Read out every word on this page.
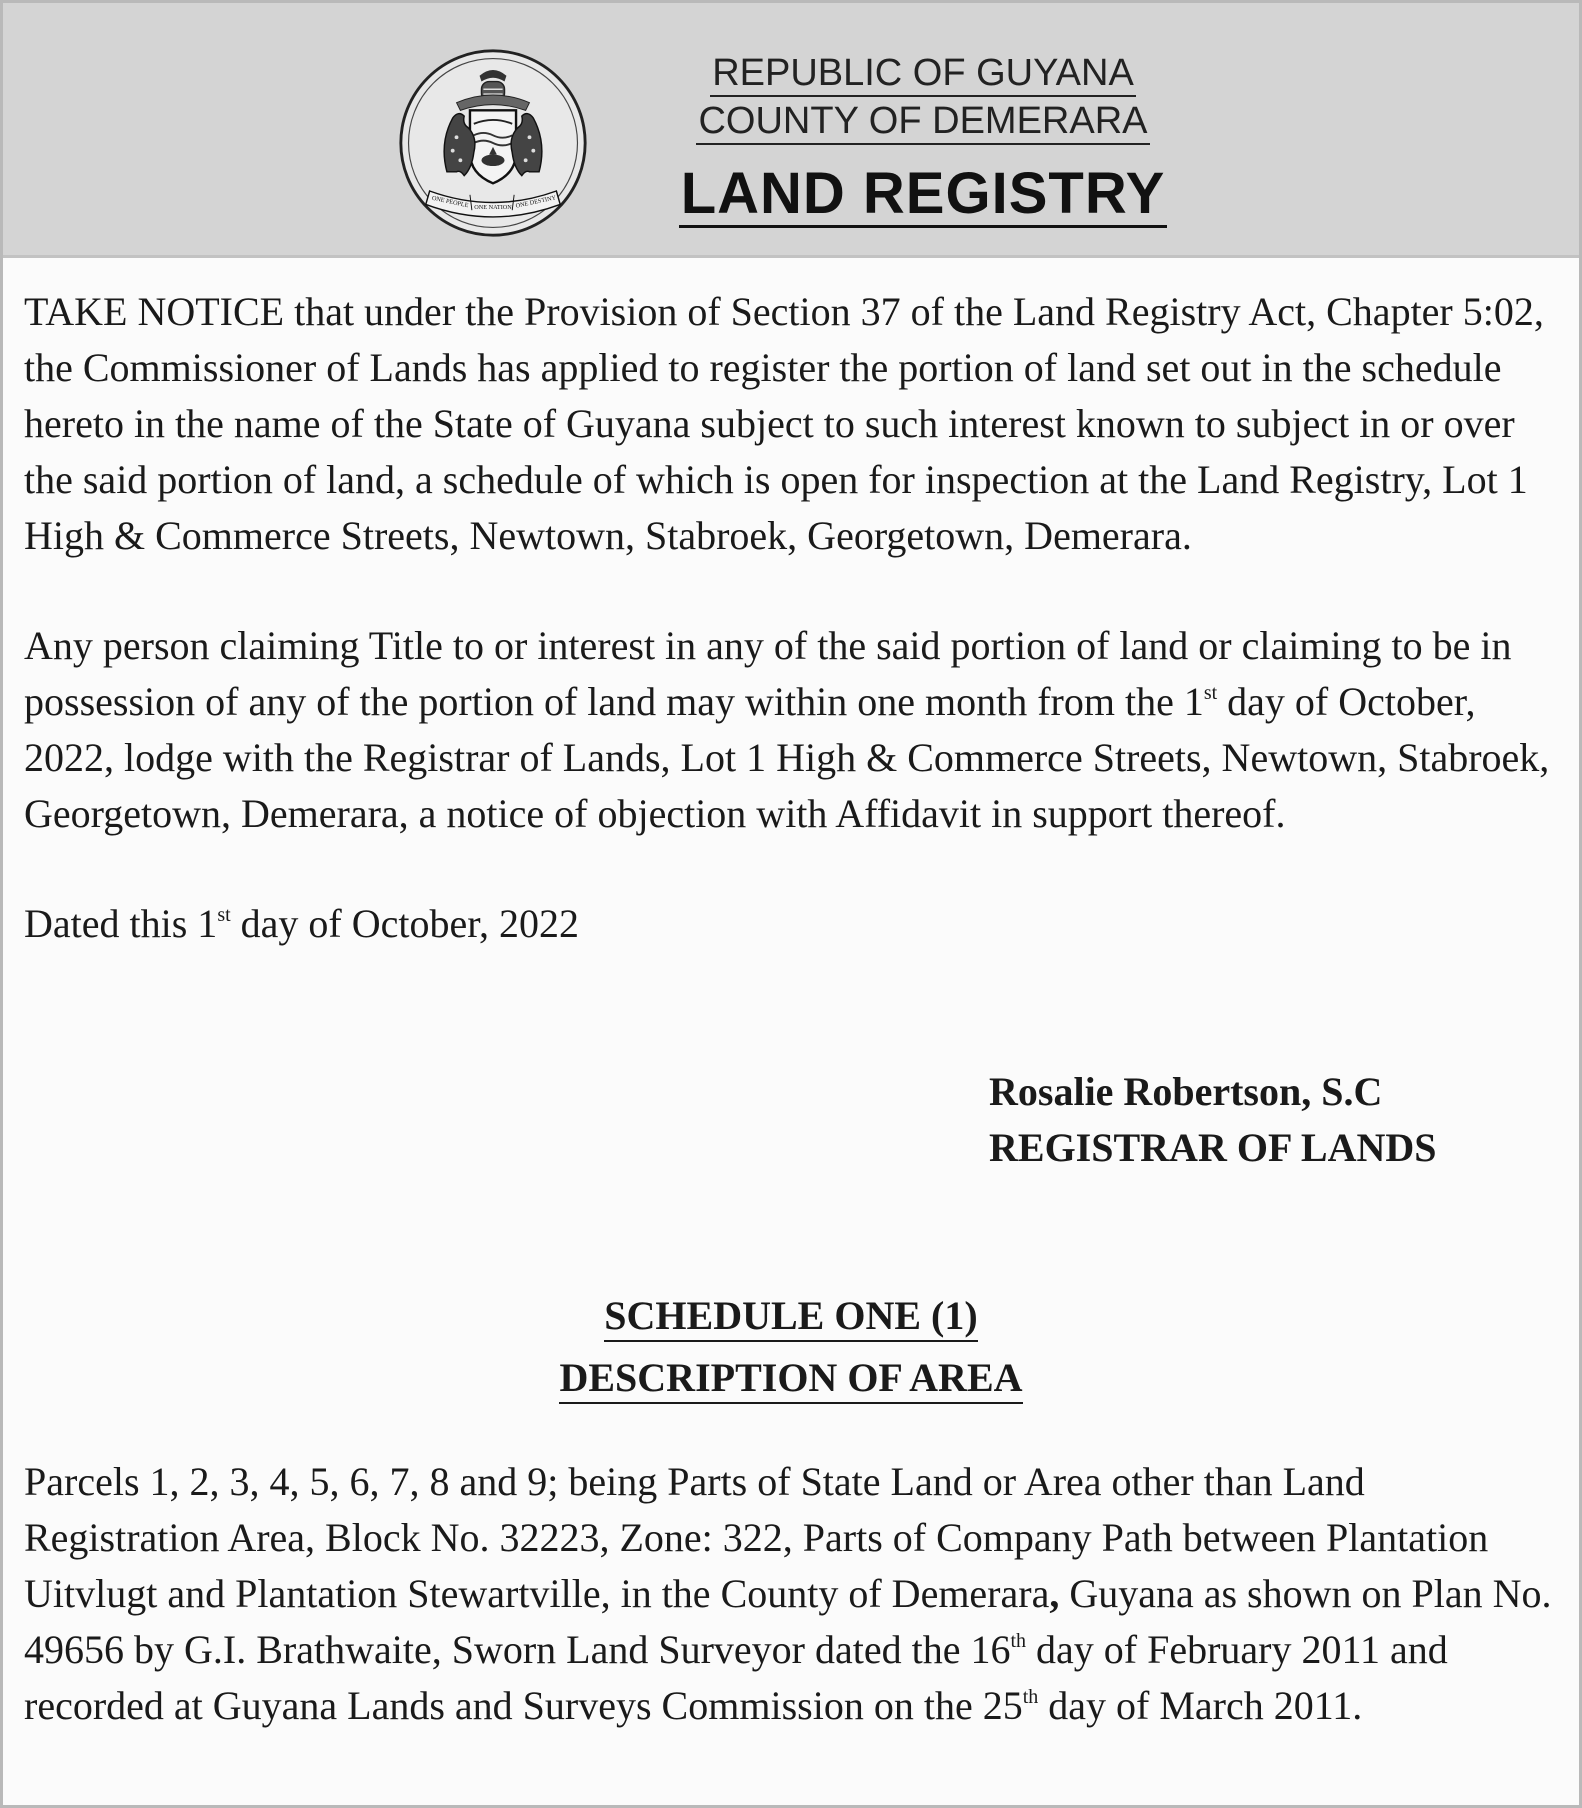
ONE PEOPLE ONE NATION ONE DESTINY
REPUBLIC OF GUYANA
COUNTY OF DEMERARA
LAND REGISTRY

TAKE NOTICE that under the Provision of Section 37 of the Land Registry Act, Chapter 5:02, the Commissioner of Lands has applied to register the portion of land set out in the schedule hereto in the name of the State of Guyana subject to such interest known to subject in or over the said portion of land, a schedule of which is open for inspection at the Land Registry, Lot 1 High & Commerce Streets, Newtown, Stabroek, Georgetown, Demerara.

Any person claiming Title to or interest in any of the said portion of land or claiming to be in possession of any of the portion of land may within one month from the 1st day of October, 2022, lodge with the Registrar of Lands, Lot 1 High & Commerce Streets, Newtown, Stabroek, Georgetown, Demerara, a notice of objection with Affidavit in support thereof.

Dated this 1st day of October, 2022

Rosalie Robertson, S.C
REGISTRAR OF LANDS
SCHEDULE ONE (1)
DESCRIPTION OF AREA

Parcels 1, 2, 3, 4, 5, 6, 7, 8 and 9; being Parts of State Land or Area other than Land Registration Area, Block No. 32223, Zone: 322, Parts of Company Path between Plantation Uitvlugt and Plantation Stewartville, in the County of Demerara, Guyana as shown on Plan No. 49656 by G.I. Brathwaite, Sworn Land Surveyor dated the 16th day of February 2011 and recorded at Guyana Lands and Surveys Commission on the 25th day of March 2011.
